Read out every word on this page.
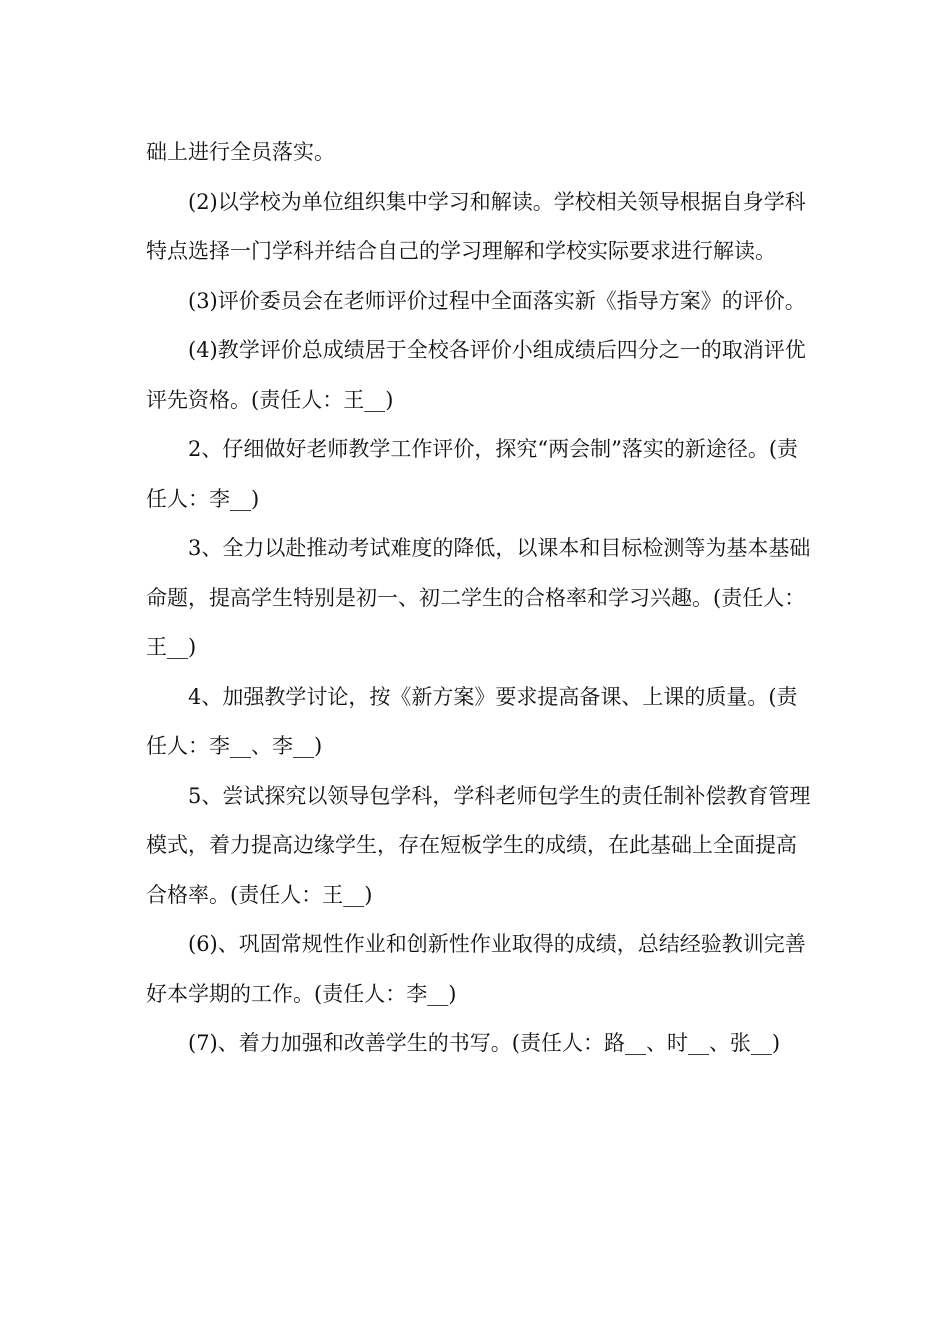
础上进行全员落实。

(2)以学校为单位组织集中学习和解读。学校相关领导根据自身学科特点选择一门学科并结合自己的学习理解和学校实际要求进行解读。

(3)评价委员会在老师评价过程中全面落实新《指导方案》的评价。

(4)教学评价总成绩居于全校各评价小组成绩后四分之一的取消评优评先资格。(责任人：王__)

2、仔细做好老师教学工作评价，探究“两会制”落实的新途径。(责任人：李__)

3、全力以赴推动考试难度的降低，以课本和目标检测等为基本基础命题，提高学生特别是初一、初二学生的合格率和学习兴趣。(责任人：王__)

4、加强教学讨论，按《新方案》要求提高备课、上课的质量。(责任人：李__、李__)

5、尝试探究以领导包学科，学科老师包学生的责任制补偿教育管理模式，着力提高边缘学生，存在短板学生的成绩，在此基础上全面提高合格率。(责任人：王__)

(6)、巩固常规性作业和创新性作业取得的成绩，总结经验教训完善好本学期的工作。(责任人：李__)

(7)、着力加强和改善学生的书写。(责任人：路__、时__、张__)
